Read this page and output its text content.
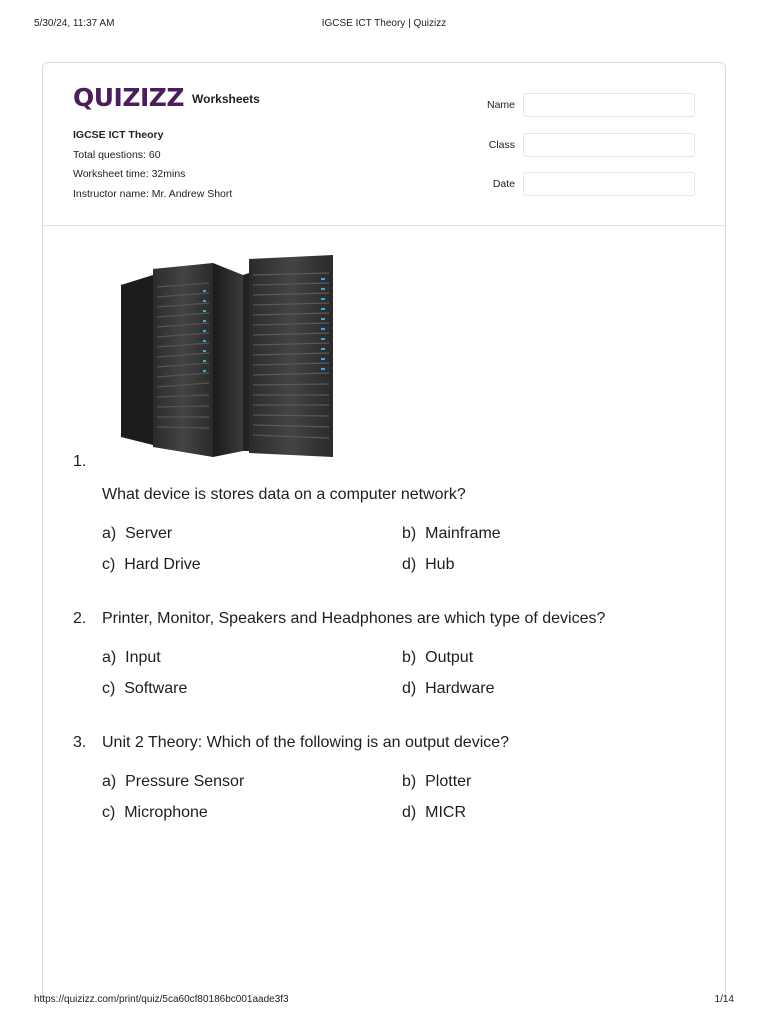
5/30/24, 11:37 AM	IGCSE ICT Theory | Quizizz
QUIZIZZ Worksheets
IGCSE ICT Theory
Total questions: 60
Worksheet time: 32mins
Instructor name: Mr. Andrew Short
Name
Class
Date
1.
What device is stores data on a computer network?
a)  Server	b)  Mainframe
c)  Hard Drive	d)  Hub
2. Printer, Monitor, Speakers and Headphones are which type of devices?
a)  Input	b)  Output
c)  Software	d)  Hardware
3. Unit 2 Theory: Which of the following is an output device?
a)  Pressure Sensor	b)  Plotter
c)  Microphone	d)  MICR
https://quizizz.com/print/quiz/5ca60cf80186bc001aade3f3	1/14
